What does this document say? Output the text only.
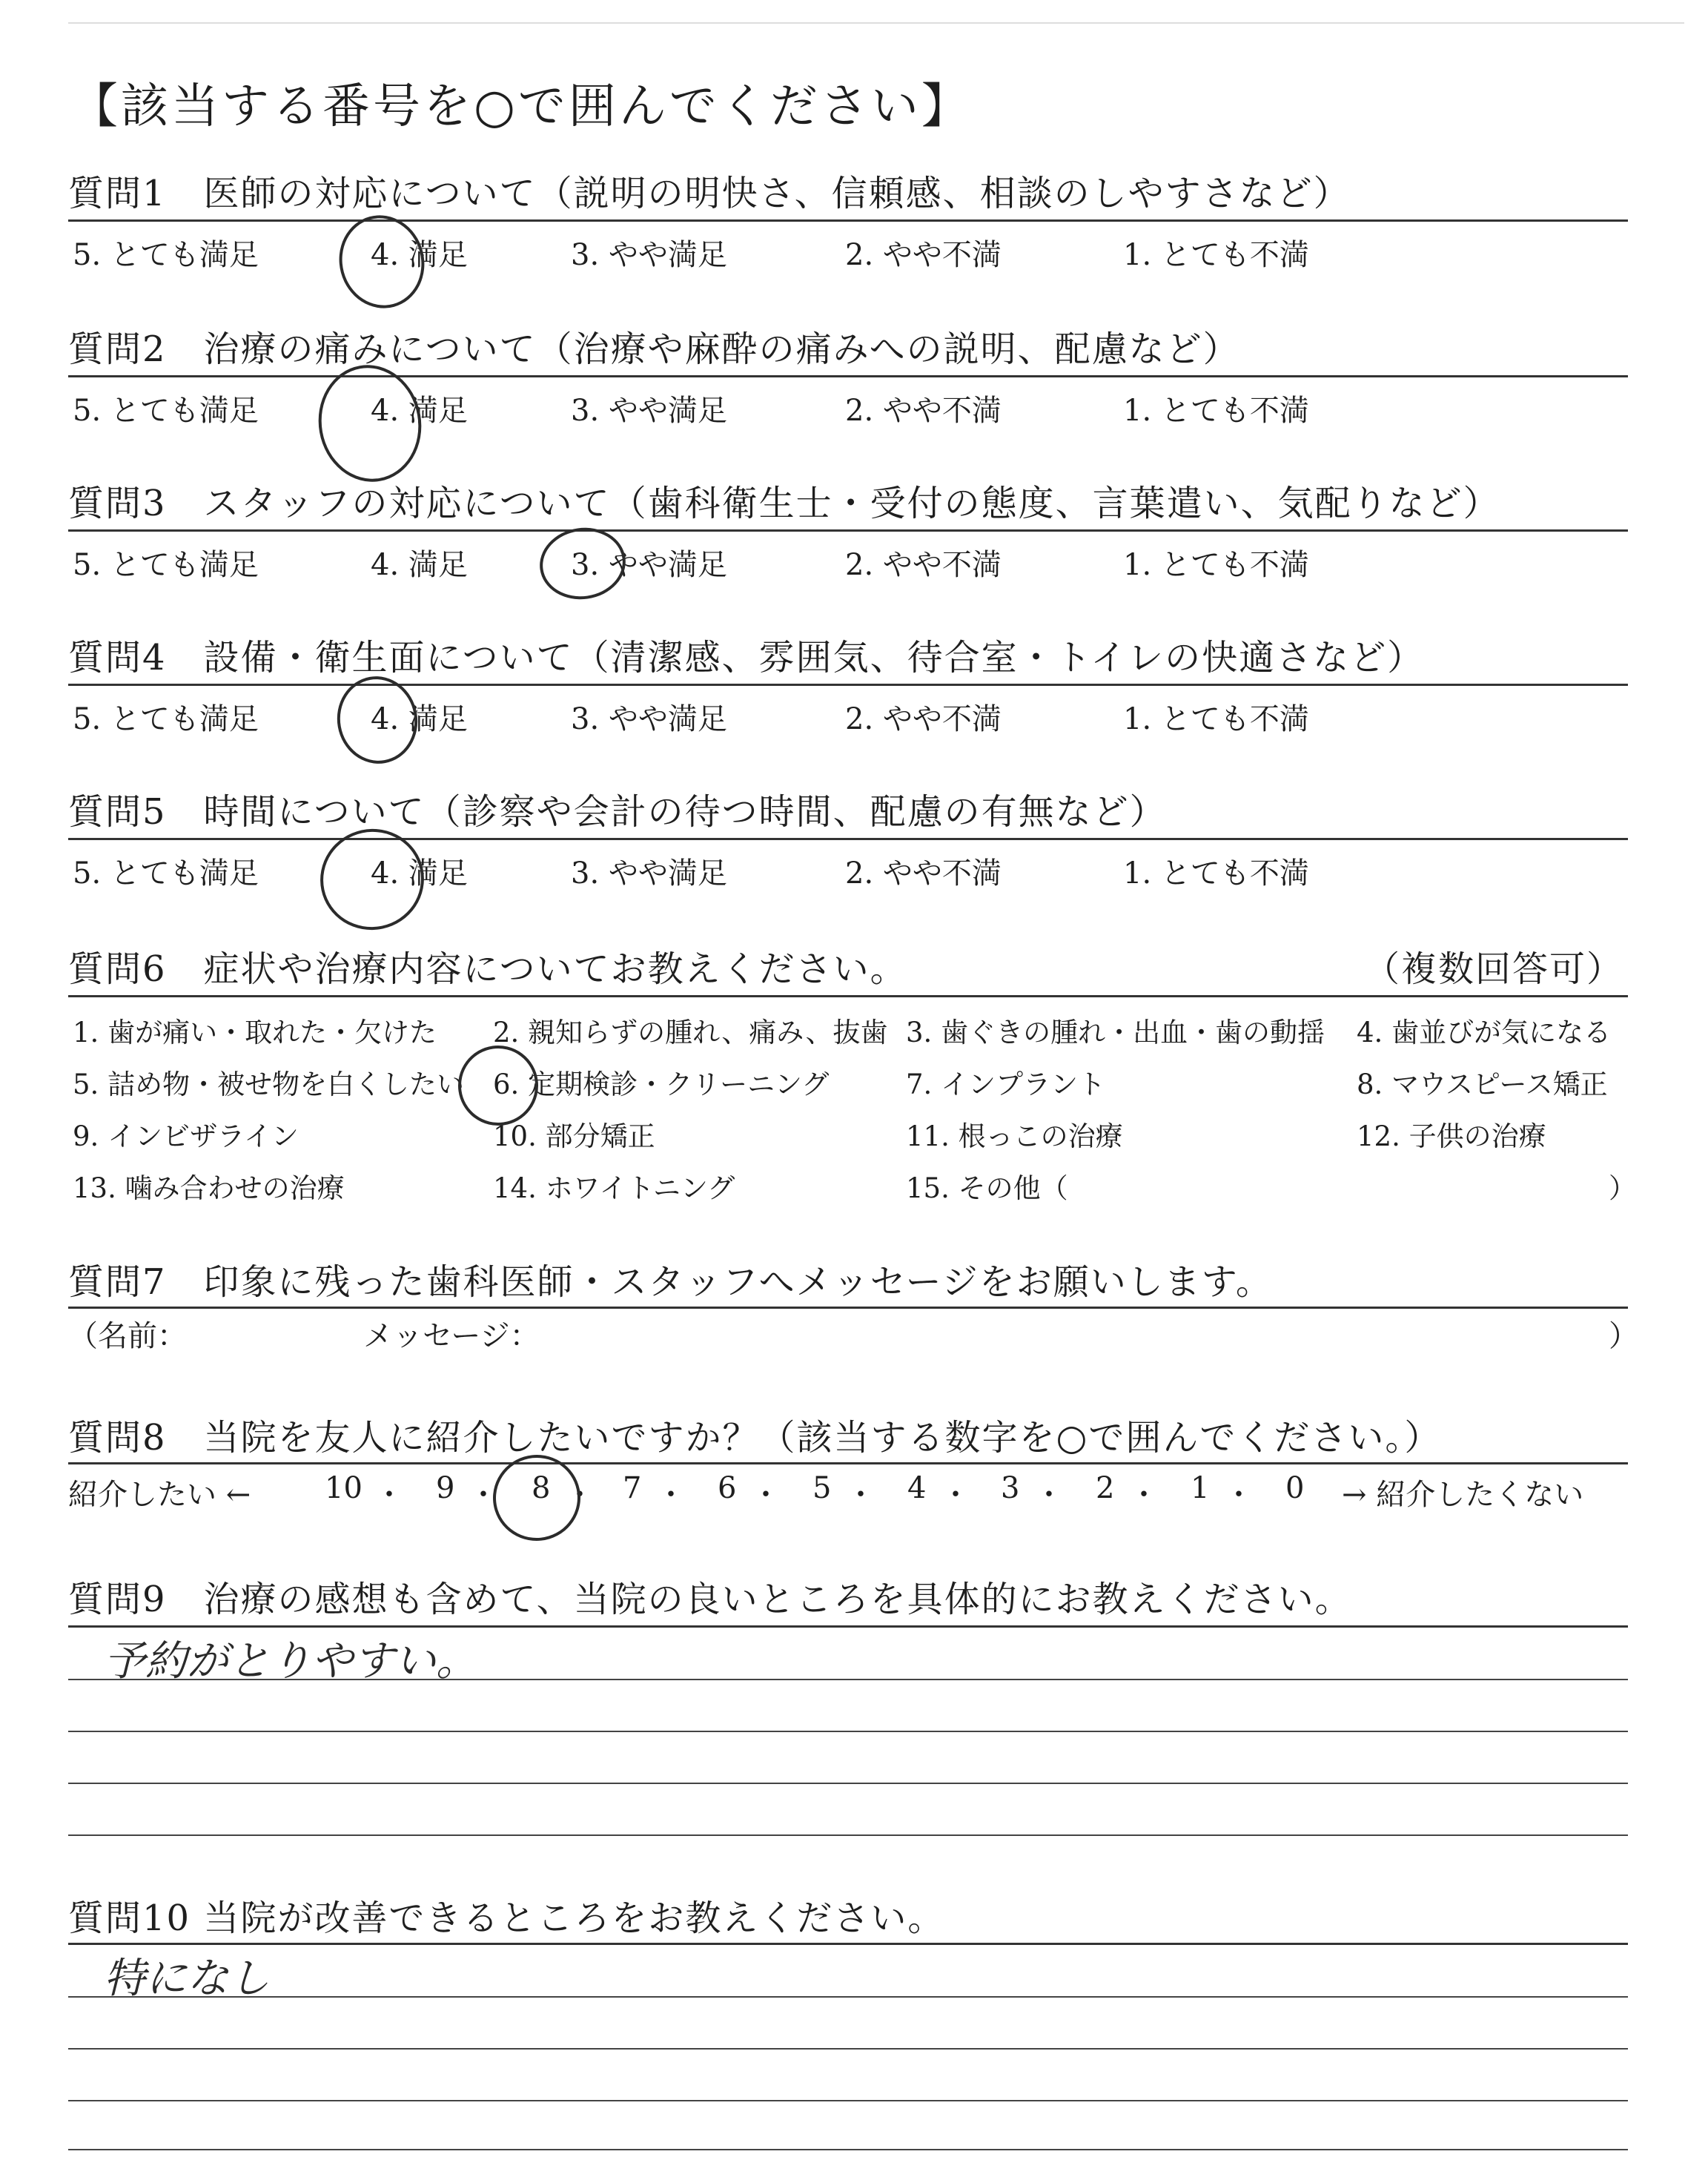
【該当する番号を○で囲んでください】
質問1　医師の対応について（説明の明快さ、信頼感、相談のしやすさなど）
5. とても満足	4. 満足	3. やや満足	2. やや不満	1. とても不満
質問2　治療の痛みについて（治療や麻酔の痛みへの説明、配慮など）
5. とても満足	4. 満足	3. やや満足	2. やや不満	1. とても不満
質問3　スタッフの対応について（歯科衛生士・受付の態度、言葉遣い、気配りなど）
5. とても満足	4. 満足	3. やや満足	2. やや不満	1. とても不満
質問4　設備・衛生面について（清潔感、雰囲気、待合室・トイレの快適さなど）
5. とても満足	4. 満足	3. やや満足	2. やや不満	1. とても不満
質問5　時間について（診察や会計の待つ時間、配慮の有無など）
5. とても満足	4. 満足	3. やや満足	2. やや不満	1. とても不満
質問6　症状や治療内容についてお教えください。	（複数回答可）
1. 歯が痛い・取れた・欠けた 2. 親知らずの腫れ、痛み、抜歯 3. 歯ぐきの腫れ・出血・歯の動揺 4. 歯並びが気になる
5. 詰め物・被せ物を白くしたい 6. 定期検診・クリーニング	7. インプラント	8. マウスピース矯正
9. インビザライン	10. 部分矯正	11. 根っこの治療	12. 子供の治療
13. 噛み合わせの治療	14. ホワイトニング	15. その他（	）
質問7　印象に残った歯科医師・スタッフへメッセージをお願いします。
（名前：	メッセージ：	）
質問8　当院を友人に紹介したいですか？（該当する数字を○で囲んでください。）
紹介したい ←	→ 紹介したくない
10 ・ 9 ・ 8 ・ 7 ・ 6 ・ 5 ・ 4 ・ 3 ・ 2 ・ 1 ・ 0
質問9　治療の感想も含めて、当院の良いところを具体的にお教えください。
予約がとりやすい。
質問10 当院が改善できるところをお教えください。
特になし
